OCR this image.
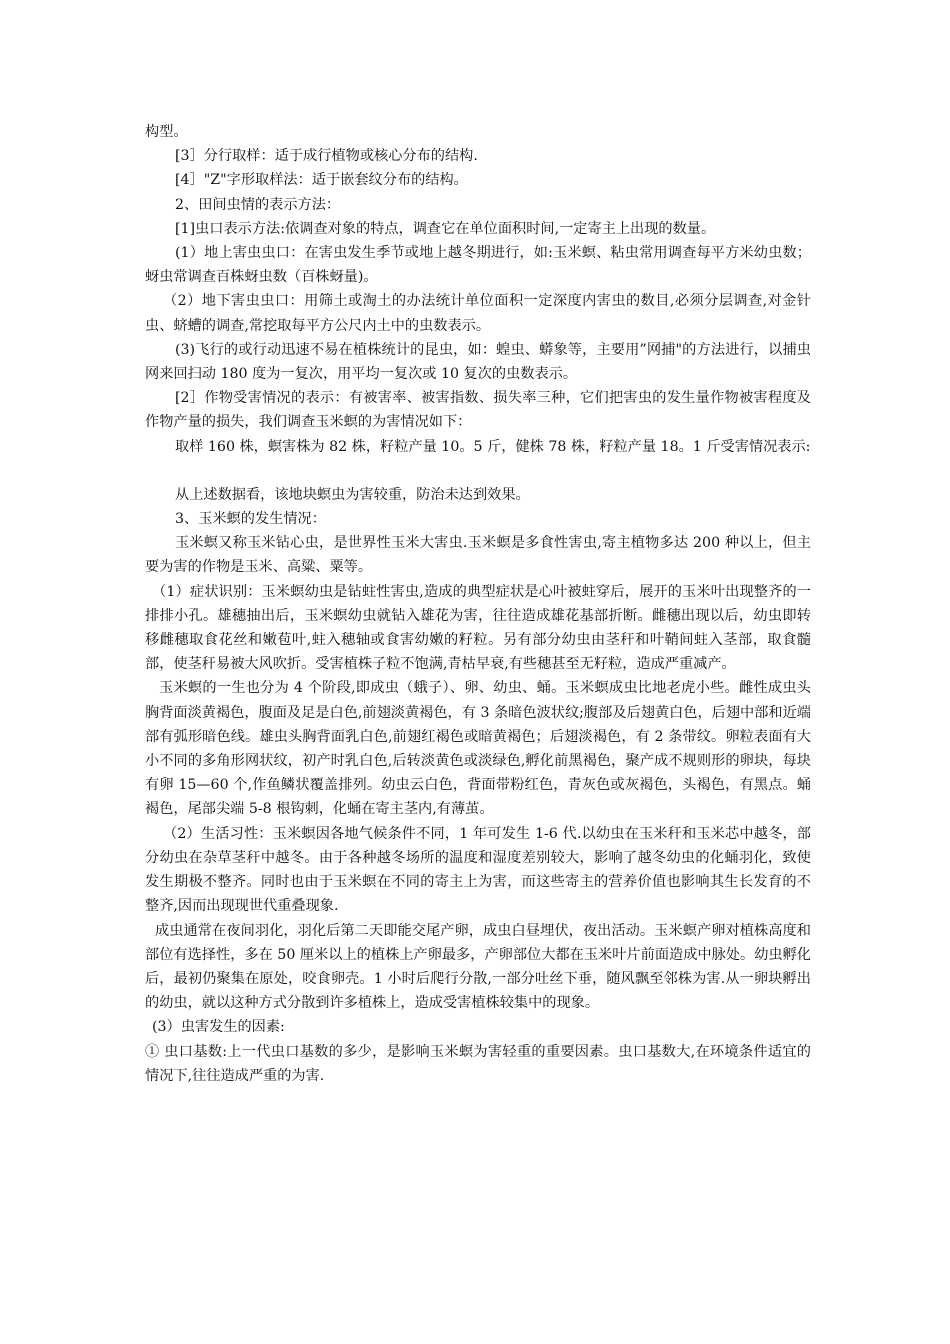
构型。

[3］分行取样：适于成行植物或核心分布的结构.

[4］"Z"字形取样法：适于嵌套纹分布的结构。

2、田间虫情的表示方法：

[1]虫口表示方法:依调查对象的特点，调查它在单位面积时间,一定寄主上出现的数量。

(1）地上害虫虫口：在害虫发生季节或地上越冬期进行，如:玉米螟、粘虫常用调查每平方米幼虫数；蚜虫常调查百株蚜虫数（百株蚜量)。

（2）地下害虫虫口：用筛土或淘土的办法统计单位面积一定深度内害虫的数目,必须分层调查,对金针虫、蛴螬的调查,常挖取每平方公尺内土中的虫数表示。

(3)飞行的或行动迅速不易在植株统计的昆虫，如：蝗虫、蟒象等，主要用”网捕"的方法进行，以捕虫网来回扫动 180 度为一复次，用平均一复次或 10 复次的虫数表示。

[2］作物受害情况的表示：有被害率、被害指数、损失率三种，它们把害虫的发生量作物被害程度及作物产量的损失，我们调查玉米螟的为害情况如下：

取样 160 株，螟害株为 82 株，籽粒产量 10。5 斤，健株 78 株，籽粒产量 18。1 斤受害情况表示:

从上述数据看，该地块螟虫为害较重，防治未达到效果。

3、玉米螟的发生情况：

玉米螟又称玉米钻心虫，是世界性玉米大害虫.玉米螟是多食性害虫,寄主植物多达 200 种以上，但主要为害的作物是玉米、高粱、粟等。

（1）症状识别：玉米螟幼虫是钻蛀性害虫,造成的典型症状是心叶被蛀穿后，展开的玉米叶出现整齐的一排排小孔。雄穗抽出后，玉米螟幼虫就钻入雄花为害，往往造成雄花基部折断。雌穗出现以后，幼虫即转移雌穗取食花丝和嫩苞叶,蛀入穗轴或食害幼嫩的籽粒。另有部分幼虫由茎秆和叶鞘间蛀入茎部，取食髓部，使茎秆易被大风吹折。受害植株子粒不饱满,青枯早衰,有些穗甚至无籽粒，造成严重减产。

玉米螟的一生也分为 4 个阶段,即成虫（蛾子）、卵、幼虫、蛹。玉米螟成虫比地老虎小些。雌性成虫头胸背面淡黄褐色，腹面及足是白色,前翅淡黄褐色，有 3 条暗色波状纹;腹部及后翅黄白色，后翅中部和近端部有弧形暗色线。雄虫头胸背面乳白色,前翅红褐色或暗黄褐色；后翅淡褐色，有 2 条带纹。卵粒表面有大小不同的多角形网状纹，初产时乳白色,后转淡黄色或淡绿色,孵化前黑褐色，聚产成不规则形的卵块，每块有卵 15—60 个,作鱼鳞状覆盖排列。幼虫云白色，背面带粉红色，青灰色或灰褐色，头褐色，有黑点。蛹褐色，尾部尖端 5-8 根钩刺，化蛹在寄主茎内,有薄茧。

（2）生活习性：玉米螟因各地气候条件不同，1 年可发生 1-6 代.以幼虫在玉米秆和玉米芯中越冬，部分幼虫在杂草茎秆中越冬。由于各种越冬场所的温度和湿度差别较大，影响了越冬幼虫的化蛹羽化，致使发生期极不整齐。同时也由于玉米螟在不同的寄主上为害，而这些寄主的营养价值也影响其生长发育的不整齐,因而出现现世代重叠现象.

成虫通常在夜间羽化，羽化后第二天即能交尾产卵，成虫白昼埋伏，夜出活动。玉米螟产卵对植株高度和部位有选择性，多在 50 厘米以上的植株上产卵最多，产卵部位大都在玉米叶片前面造成中脉处。幼虫孵化后，最初仍聚集在原处，咬食卵壳。1 小时后爬行分散,一部分吐丝下垂，随风飘至邻株为害.从一卵块孵出的幼虫，就以这种方式分散到许多植株上，造成受害植株较集中的现象。

(3）虫害发生的因素:

① 虫口基数:上一代虫口基数的多少，是影响玉米螟为害轻重的重要因素。虫口基数大,在环境条件适宜的情况下,往往造成严重的为害.
